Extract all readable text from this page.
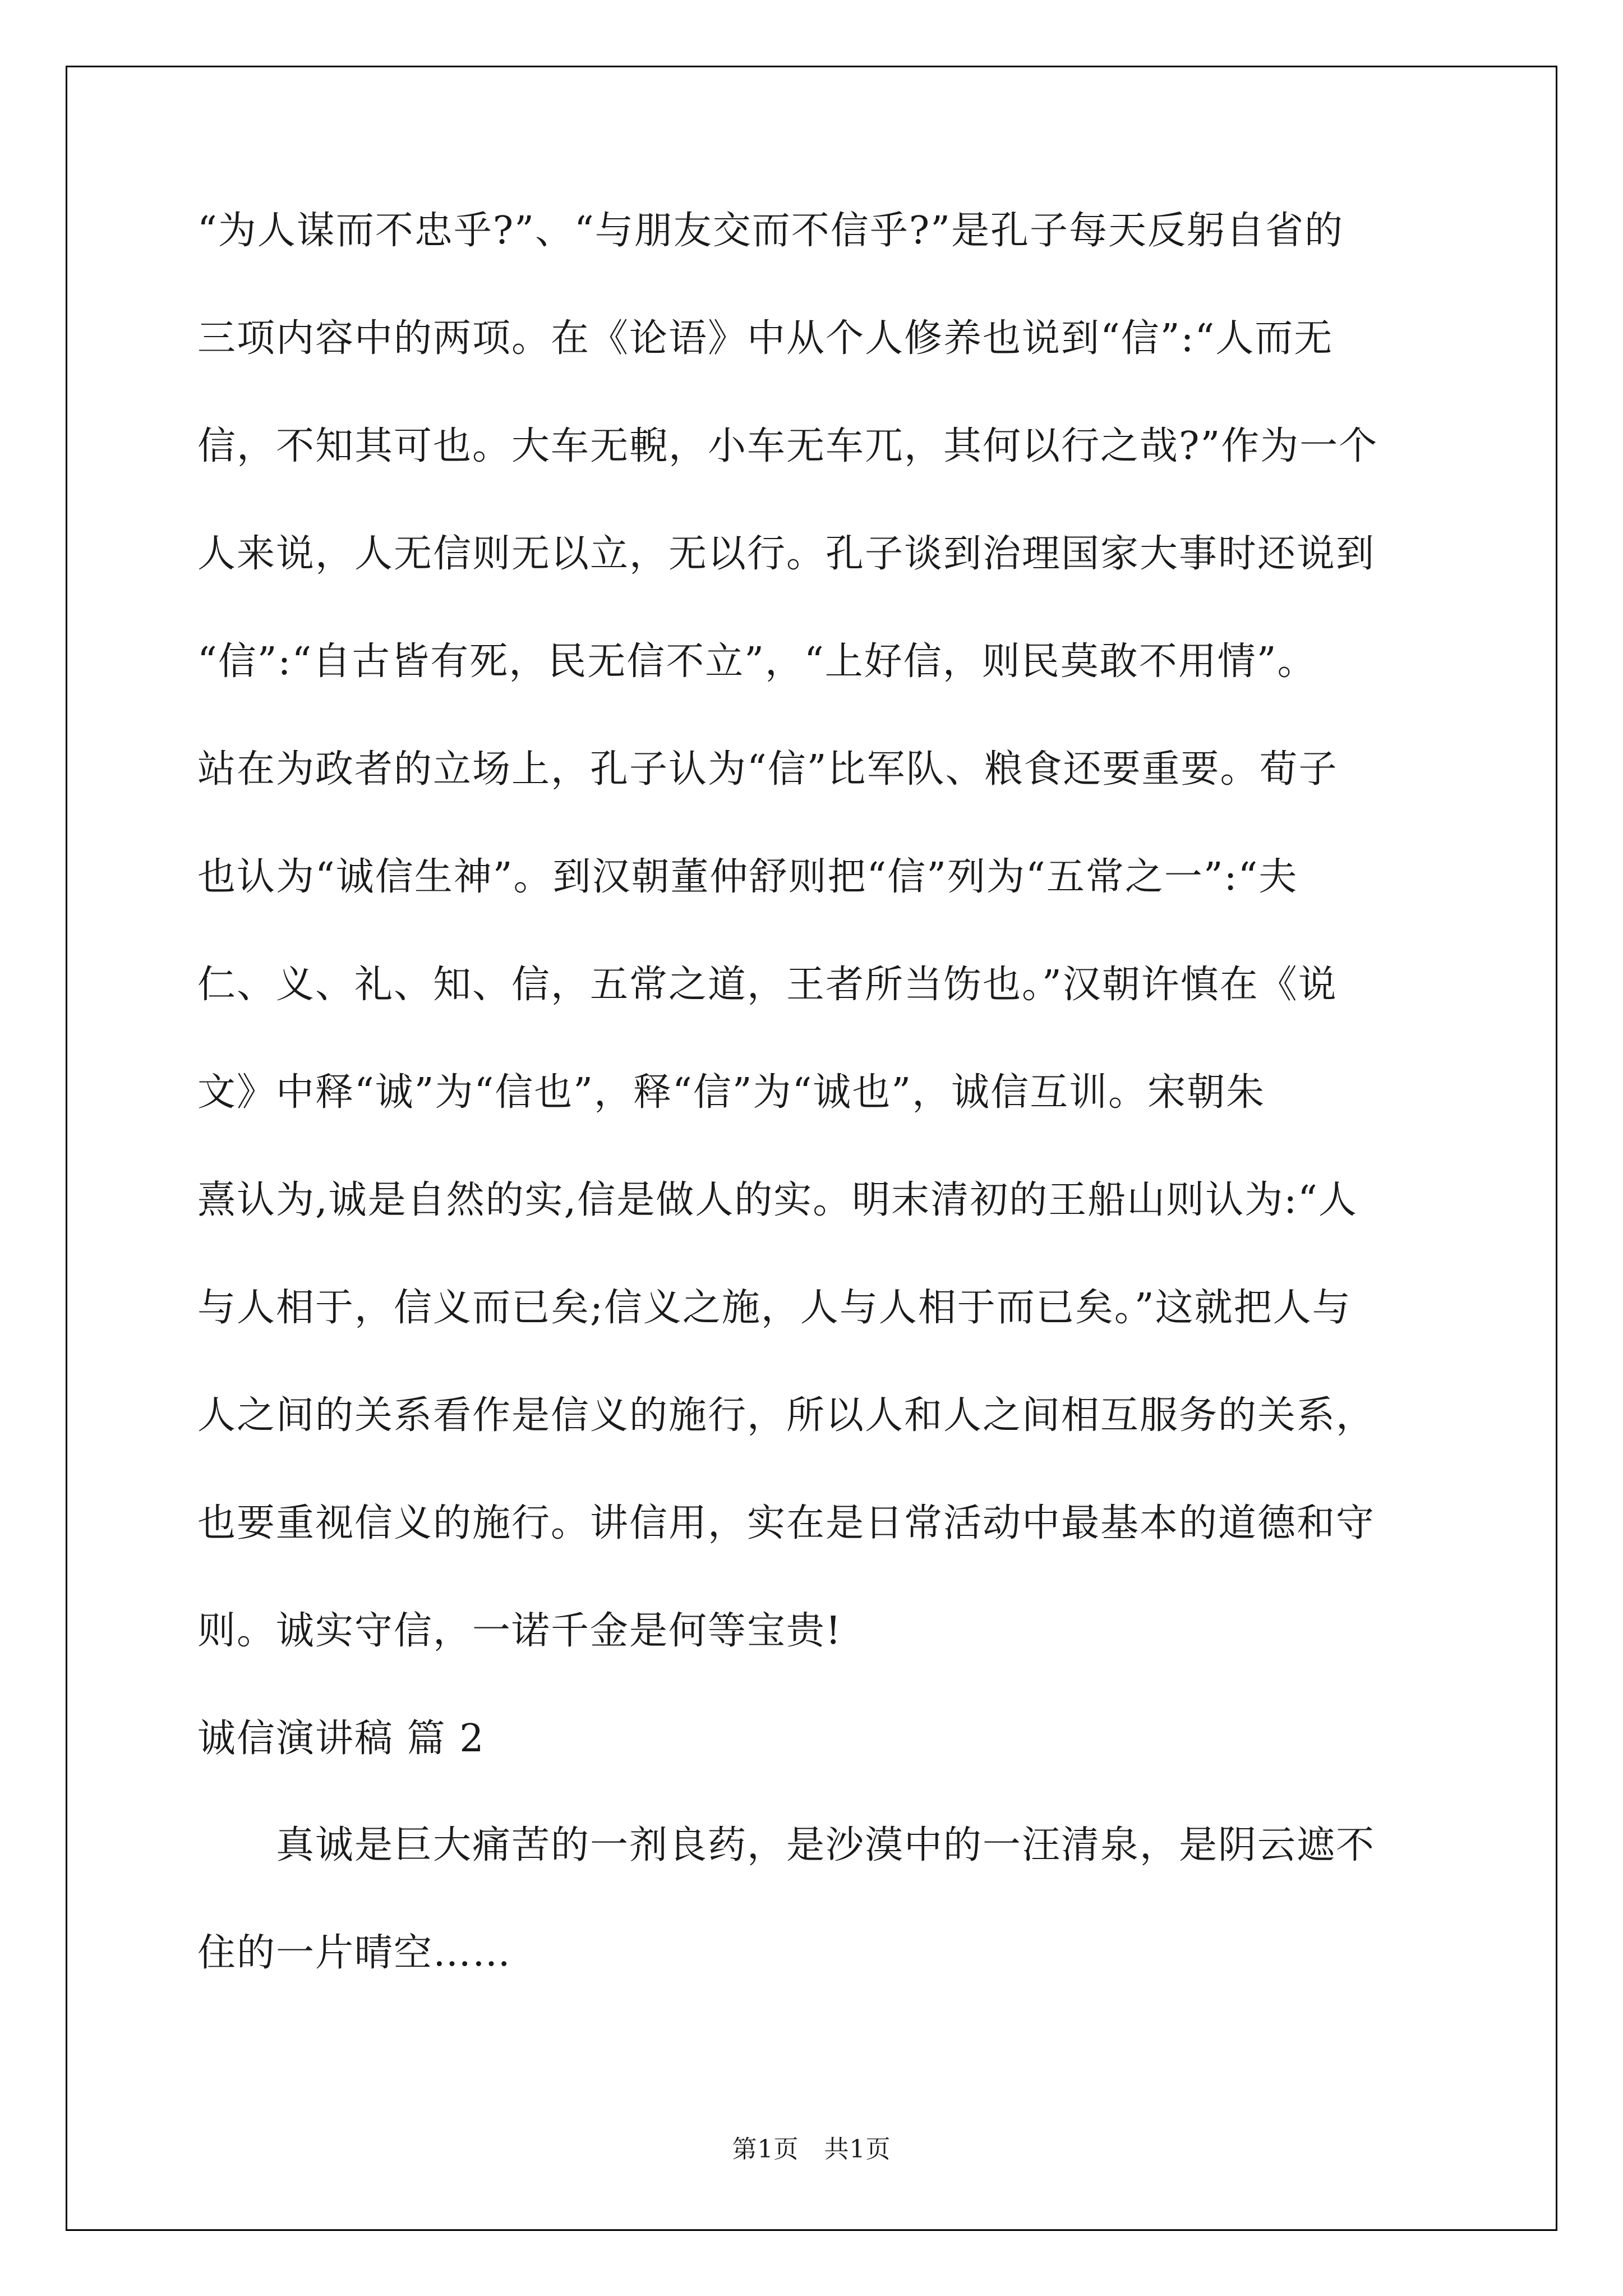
“为人谋而不忠乎?”、“与朋友交而不信乎?”是孔子每天反躬自省的
三项内容中的两项。在《论语》中从个人修养也说到“信”:“人而无
信，不知其可也。大车无輗，小车无车兀，其何以行之哉?”作为一个
人来说，人无信则无以立，无以行。孔子谈到治理国家大事时还说到
“信”:“自古皆有死，民无信不立”，“上好信，则民莫敢不用情”。
站在为政者的立场上，孔子认为“信”比军队、粮食还要重要。荀子
也认为“诚信生神”。到汉朝董仲舒则把“信”列为“五常之一”:“夫
仁、义、礼、知、信，五常之道，王者所当饬也。”汉朝许慎在《说
文》中释“诚”为“信也”，释“信”为“诚也”，诚信互训。宋朝朱
熹认为,诚是自然的实,信是做人的实。明末清初的王船山则认为:“人
与人相于，信义而已矣;信义之施，人与人相于而已矣。”这就把人与
人之间的关系看作是信义的施行，所以人和人之间相互服务的关系，
也要重视信义的施行。讲信用，实在是日常活动中最基本的道德和守
则。诚实守信，一诺千金是何等宝贵!
诚信演讲稿 篇 2
真诚是巨大痛苦的一剂良药，是沙漠中的一汪清泉，是阴云遮不
住的一片晴空……
第1页　共1页
